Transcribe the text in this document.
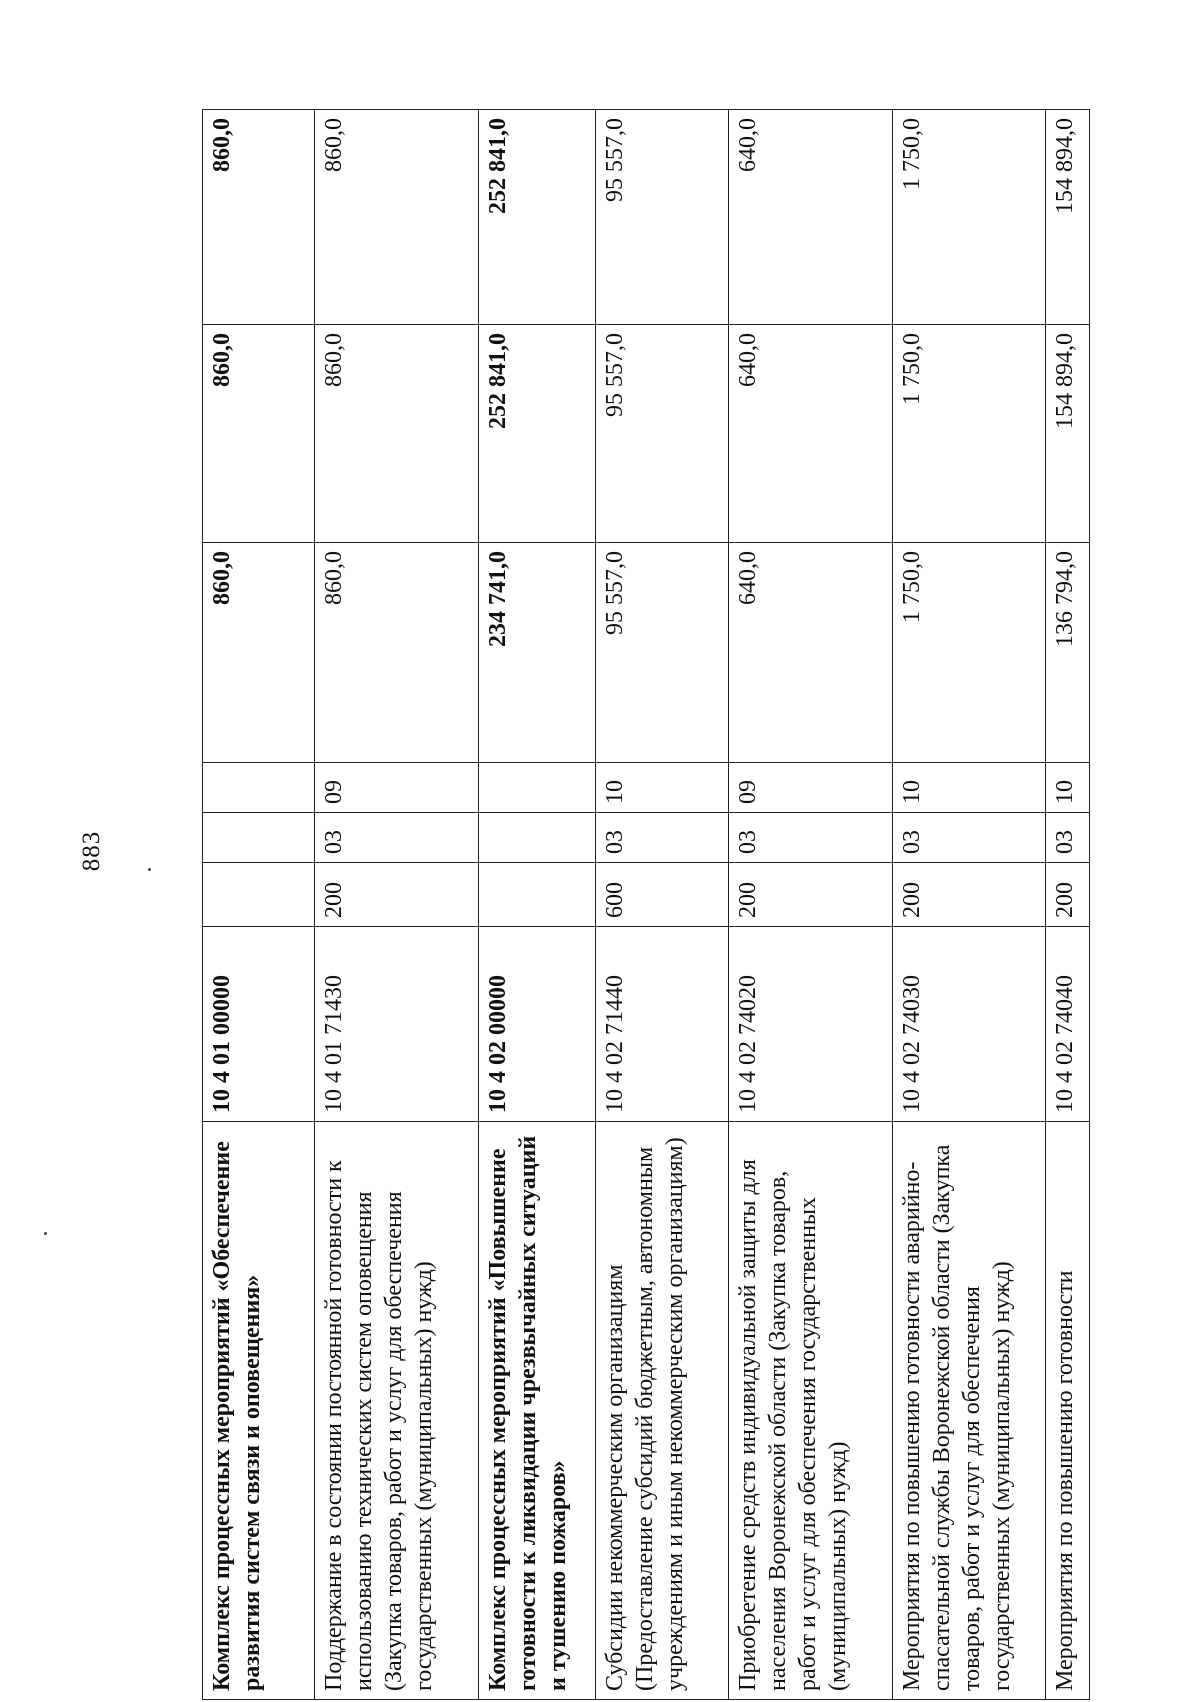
883
Комплекс процессных мероприятий «Обеспечение развития систем связи и оповещения»	10 4 01 00000				860,0	860,0	860,0
Поддержание в состоянии постоянной готовности к использованию технических систем оповещения (Закупка товаров, работ и услуг для обеспечения государственных (муниципальных) нужд)	10 4 01 71430	200	03	09	860,0	860,0	860,0
Комплекс процессных мероприятий «Повышение готовности к ликвидации чрезвычайных ситуаций и тушению пожаров»	10 4 02 00000				234 741,0	252 841,0	252 841,0
Субсидии некоммерческим организациям (Предоставление субсидий бюджетным, автономным учреждениям и иным некоммерческим организациям)	10 4 02 71440	600	03	10	95 557,0	95 557,0	95 557,0
Приобретение средств индивидуальной защиты для населения Воронежской области (Закупка товаров, работ и услуг для обеспечения государственных (муниципальных) нужд)	10 4 02 74020	200	03	09	640,0	640,0	640,0
Мероприятия по повышению готовности аварийно-спасательной службы Воронежской области (Закупка товаров, работ и услуг для обеспечения государственных (муниципальных) нужд)	10 4 02 74030	200	03	10	1 750,0	1 750,0	1 750,0
Мероприятия по повышению готовности	10 4 02 74040	200	03	10	136 794,0	154 894,0	154 894,0
